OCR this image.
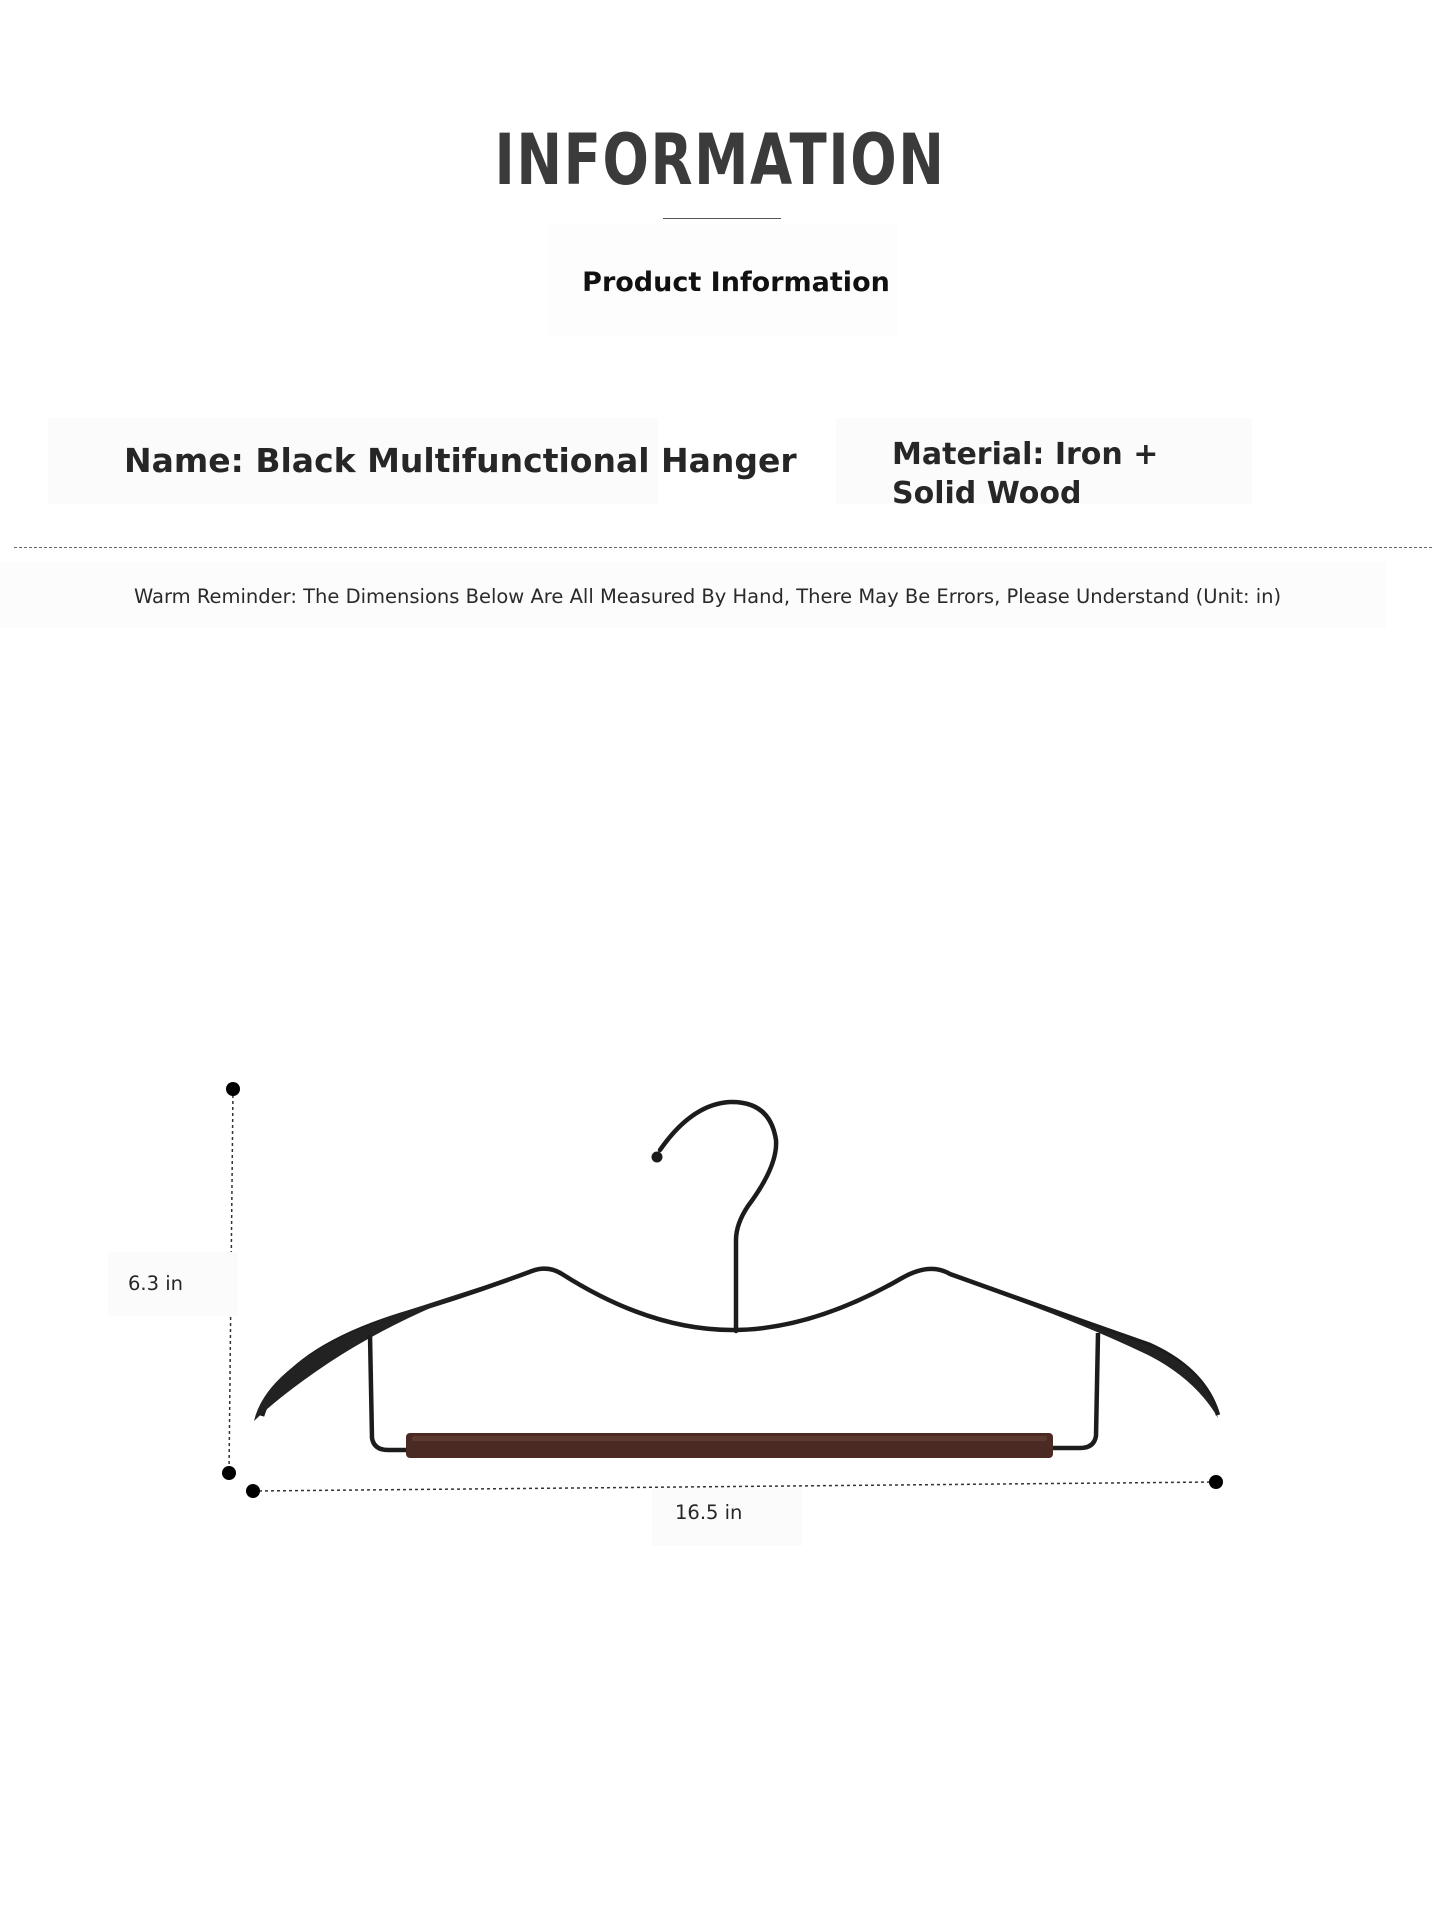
INFORMATION
Product Information
Name: Black Multifunctional Hanger	Material: Iron + Solid Wood
Warm Reminder: The Dimensions Below Are All Measured By Hand, There May Be Errors, Please Understand (Unit: in)
6.3 in
16.5 in
